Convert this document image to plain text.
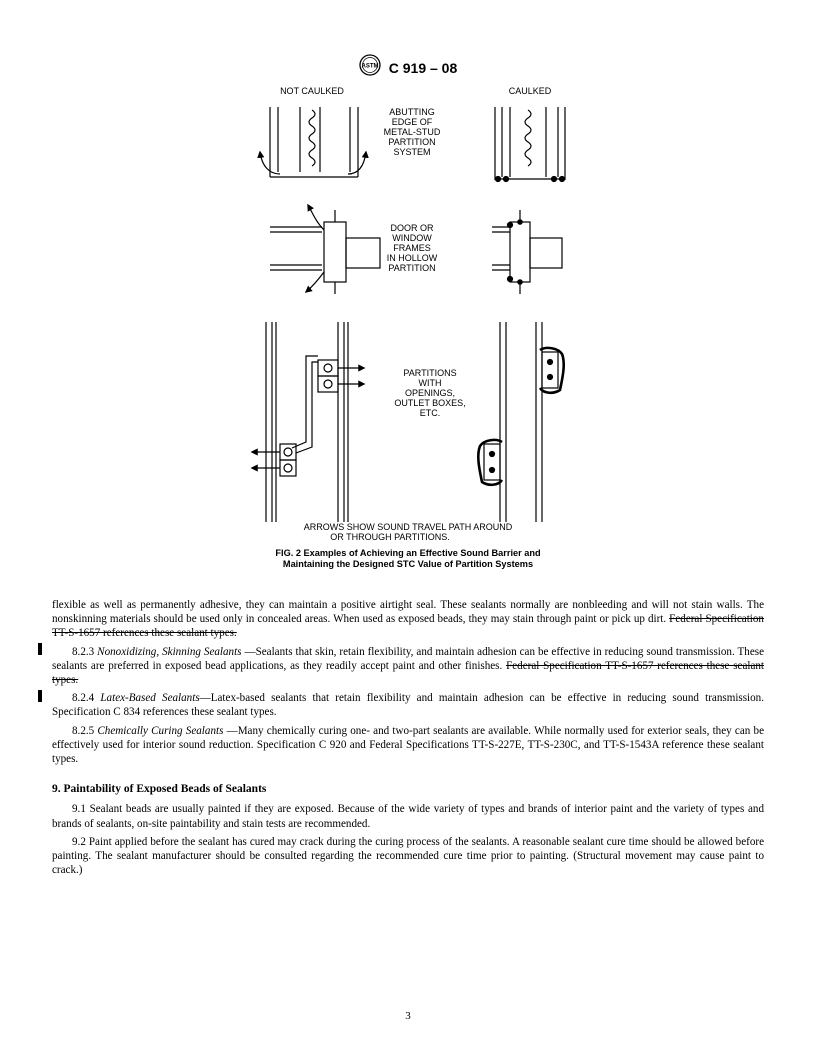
ASTM C 919 – 08
NOT CAULKED	CAULKED
ABUTTING
EDGE OF
METAL-STUD
PARTITION
SYSTEM
DOOR OR
WINDOW
FRAMES
IN HOLLOW
PARTITION
PARTITIONS
WITH
OPENINGS,
OUTLET BOXES,
ETC.
ARROWS SHOW SOUND TRAVEL PATH AROUND
OR THROUGH PARTITIONS.
FIG. 2 Examples of Achieving an Effective Sound Barrier and
Maintaining the Designed STC Value of Partition Systems

flexible as well as permanently adhesive, they can maintain a positive airtight seal. These sealants normally are nonbleeding and will not stain walls. The nonskinning materials should be used only in concealed areas. When used as exposed beads, they may stain through paint or pick up dirt. Federal Specification TT-S-1657 references these sealant types.

8.2.3 Nonoxidizing, Skinning Sealants —Sealants that skin, retain flexibility, and maintain adhesion can be effective in reducing sound transmission. These sealants are preferred in exposed bead applications, as they readily accept paint and other finishes. Federal Specification TT-S-1657 references these sealant types.

8.2.4 Latex-Based Sealants—Latex-based sealants that retain flexibility and maintain adhesion can be effective in reducing sound transmission. Specification C 834 references these sealant types.

8.2.5 Chemically Curing Sealants —Many chemically curing one- and two-part sealants are available. While normally used for exterior seals, they can be effectively used for interior sound reduction. Specification C 920 and Federal Specifications TT-S-227E, TT-S-230C, and TT-S-1543A reference these sealant types.

9. Paintability of Exposed Beads of Sealants

9.1 Sealant beads are usually painted if they are exposed. Because of the wide variety of types and brands of interior paint and the variety of types and brands of sealants, on-site paintability and stain tests are recommended.

9.2 Paint applied before the sealant has cured may crack during the curing process of the sealants. A reasonable sealant cure time should be allowed before painting. The sealant manufacturer should be consulted regarding the recommended cure time prior to painting. (Structural movement may cause paint to crack.)

3
